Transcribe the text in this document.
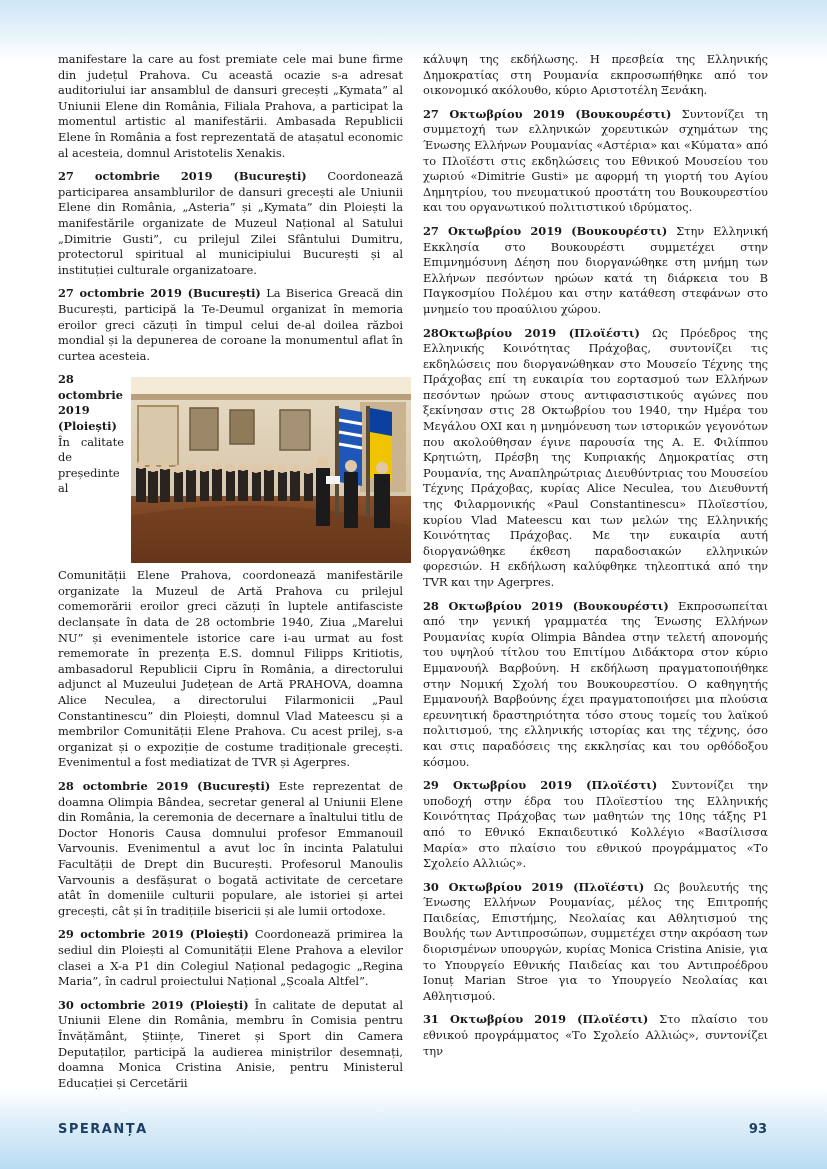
manifestare la care au fost premiate cele mai bune firme din județul Prahova. Cu această ocazie s-a adresat auditoriului iar ansamblul de dansuri grecești „Kymata” al Uniunii Elene din România, Filiala Prahova, a participat la momentul artistic al manifestării. Ambasada Republicii Elene în România a fost reprezentată de atașatul economic al acesteia, domnul Aristotelis Xenakis.

27 octombrie 2019 (București) Coordonează participarea ansamblurilor de dansuri grecești ale Uniunii Elene din România, „Asteria” și „Kymata” din Ploiești la manifestările organizate de Muzeul Național al Satului „Dimitrie Gusti”, cu prilejul Zilei Sfântului Dumitru, protectorul spiritual al municipiului București și al instituției culturale organizatoare.

27 octombrie 2019 (București) La Biserica Greacă din București, participă la Te-Deumul organizat în memoria eroilor greci căzuți în timpul celui de-al doilea război mondial și la depunerea de coroane la monumentul aflat în curtea acesteia.

28 octombrie 2019 (Ploiești) În calitate de președinte al Comunității Elene Prahova, coordonează manifestările organizate la Muzeul de Artă Prahova cu prilejul comemorării eroilor greci căzuți în luptele antifasciste declanșate în data de 28 octombrie 1940, Ziua „Marelui NU” și evenimentele istorice care i-au urmat au fost rememorate în prezența E.S. domnul Filipps Kritiotis, ambasadorul Republicii Cipru în România, a directorului adjunct al Muzeului Județean de Artă PRAHOVA, doamna Alice Neculea, a directorului Filarmonicii „Paul Constantinescu” din Ploiești, domnul Vlad Mateescu și a membrilor Comunității Elene Prahova. Cu acest prilej, s-a organizat și o expoziție de costume tradiționale grecești. Evenimentul a fost mediatizat de TVR și Agerpres.

28 octombrie 2019 (București) Este reprezentat de doamna Olimpia Bândea, secretar general al Uniunii Elene din România, la ceremonia de decernare a înaltului titlu de Doctor Honoris Causa domnului profesor Emmanouil Varvounis. Evenimentul a avut loc în incinta Palatului Facultății de Drept din București. Profesorul Manoulis Varvounis a desfășurat o bogată activitate de cercetare atât în domeniile culturii populare, ale istoriei și artei grecești, cât și în tradițiile bisericii și ale lumii ortodoxe.

29 octombrie 2019 (Ploiești) Coordonează primirea la sediul din Ploiești al Comunității Elene Prahova a elevilor clasei a X-a P1 din Colegiul Național pedagogic „Regina Maria”, în cadrul proiectului Național „Școala Altfel”.

30 octombrie 2019 (Ploiești) În calitate de deputat al Uniunii Elene din România, membru în Comisia pentru Învățământ, Științe, Tineret și Sport din Camera Deputaților, participă la audierea miniștrilor desemnați, doamna Monica Cristina Anisie, pentru Ministerul Educației și Cercetării

κάλυψη της εκδήλωσης. Η πρεσβεία της Ελληνικής Δημοκρατίας στη Ρουμανία εκπροσωπήθηκε από τον οικονομικό ακόλουθο, κύριο Αριστοτέλη Ξενάκη.

27 Οκτωβρίου 2019 (Βουκουρέστι) Συντονίζει τη συμμετοχή των ελληνικών χορευτικών σχημάτων της Ένωσης Ελλήνων Ρουμανίας «Αστέρια» και «Κύματα» από το Πλοϊέστι στις εκδηλώσεις του Εθνικού Μουσείου του χωριού «Dimitrie Gusti» με αφορμή τη γιορτή του Αγίου Δημητρίου, του πνευματικού προστάτη του Βουκουρεστίου και του οργανωτικού πολιτιστικού ιδρύματος.

27 Οκτωβρίου 2019 (Βουκουρέστι) Στην Ελληνική Εκκλησία στο Βουκουρέστι συμμετέχει στην Επιμνημόσυνη Δέηση που διοργανώθηκε στη μνήμη των Ελλήνων πεσόντων ηρώων κατά τη διάρκεια του Β Παγκοσμίου Πολέμου και στην κατάθεση στεφάνων στο μνημείο του προαύλιου χώρου.

28Οκτωβρίου 2019 (Πλοϊέστι) Ως Πρόεδρος της Ελληνικής Κοινότητας Πράχοβας, συντονίζει τις εκδηλώσεις που διοργανώθηκαν στο Μουσείο Τέχνης της Πράχοβας επί τη ευκαιρία του εορτασμού των Ελλήνων πεσόντων ηρώων στους αντιφασιστικούς αγώνες που ξεκίνησαν στις 28 Οκτωβρίου του 1940, την Ημέρα του Μεγάλου ΟΧΙ και η μνημόνευση των ιστορικών γεγονότων που ακολούθησαν έγινε παρουσία της Α. Ε. Φιλίππου Κρητιώτη, Πρέσβη της Κυπριακής Δημοκρατίας στη Ρουμανία, της Αναπληρώτριας Διευθύντριας του Μουσείου Τέχνης Πράχοβας, κυρίας Alice Neculea, του Διευθυντή της Φιλαρμονικής «Paul Constantinescu» Πλοϊεστίου, κυρίου Vlad Mateescu και των μελών της Ελληνικής Κοινότητας Πράχοβας. Με την ευκαιρία αυτή διοργανώθηκε έκθεση παραδοσιακών ελληνικών φορεσιών. Η εκδήλωση καλύφθηκε τηλεοπτικά από την TVR και την Agerpres.

28 Οκτωβρίου 2019 (Βουκουρέστι) Εκπροσωπείται από την γενική γραμματέα της Ένωσης Ελλήνων Ρουμανίας κυρία Olimpia Bândea στην τελετή απονομής του υψηλού τίτλου του Επιτίμου Διδάκτορα στον κύριο Εμμανουήλ Βαρβούνη. Η εκδήλωση πραγματοποιήθηκε στην Νομική Σχολή του Βουκουρεστίου. Ο καθηγητής Εμμανουήλ Βαρβούνης έχει πραγματοποιήσει μια πλούσια ερευνητική δραστηριότητα τόσο στους τομείς του λαϊκού πολιτισμού, της ελληνικής ιστορίας και της τέχνης, όσο και στις παραδόσεις της εκκλησίας και του ορθόδοξου κόσμου.

29 Οκτωβρίου 2019 (Πλοϊέστι) Συντονίζει την υποδοχή στην έδρα του Πλοϊεστίου της Ελληνικής Κοινότητας Πράχοβας των μαθητών της 10ης τάξης Ρ1 από το Εθνικό Εκπαιδευτικό Κολλέγιο «Βασίλισσα Μαρία» στο πλαίσιο του εθνικού προγράμματος «Το Σχολείο Αλλιώς».

30 Οκτωβρίου 2019 (Πλοϊέστι) Ως βουλευτής της Ένωσης Ελλήνων Ρουμανίας, μέλος της Επιτροπής Παιδείας, Επιστήμης, Νεολαίας και Αθλητισμού της Βουλής των Αντιπροσώπων, συμμετέχει στην ακρόαση των διορισμένων υπουργών, κυρίας Monica Cristina Anisie, για το Υπουργείο Εθνικής Παιδείας και του Αντιπροέδρου Ionuț Marian Stroe για το Υπουργείο Νεολαίας και Αθλητισμού.

31 Οκτωβρίου 2019 (Πλοϊέστι) Στο πλαίσιο του εθνικού προγράμματος «Το Σχολείο Αλλιώς», συντονίζει την

SPERANȚA	93
